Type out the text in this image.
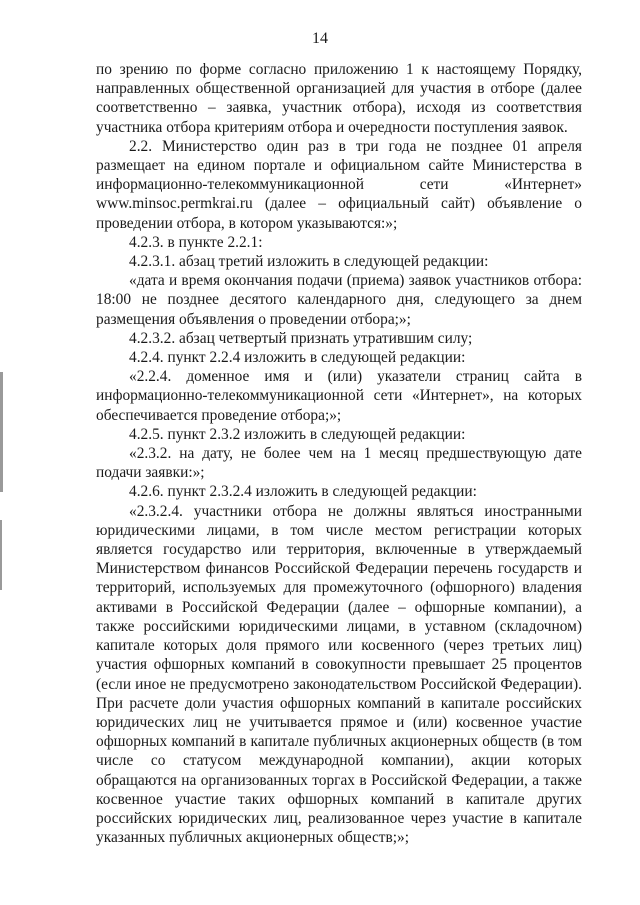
14

по зрению по форме согласно приложению 1 к настоящему Порядку, направленных общественной организацией для участия в отборе (далее соответственно – заявка, участник отбора), исходя из соответствия участника отбора критериям отбора и очередности поступления заявок.

2.2. Министерство один раз в три года не позднее 01 апреля размещает на едином портале и официальном сайте Министерства в информационно-телекоммуникационной сети «Интернет» www.minsoc.permkrai.ru (далее – официальный сайт) объявление о проведении отбора, в котором указываются:»;

4.2.3. в пункте 2.2.1:

4.2.3.1. абзац третий изложить в следующей редакции:

«дата и время окончания подачи (приема) заявок участников отбора: 18:00 не позднее десятого календарного дня, следующего за днем размещения объявления о проведении отбора;»;

4.2.3.2. абзац четвертый признать утратившим силу;

4.2.4. пункт 2.2.4 изложить в следующей редакции:

«2.2.4. доменное имя и (или) указатели страниц сайта в информационно-телекоммуникационной сети «Интернет», на которых обеспечивается проведение отбора;»;

4.2.5. пункт 2.3.2 изложить в следующей редакции:

«2.3.2. на дату, не более чем на 1 месяц предшествующую дате подачи заявки:»;

4.2.6. пункт 2.3.2.4 изложить в следующей редакции:

«2.3.2.4. участники отбора не должны являться иностранными юридическими лицами, в том числе местом регистрации которых является государство или территория, включенные в утверждаемый Министерством финансов Российской Федерации перечень государств и территорий, используемых для промежуточного (офшорного) владения активами в Российской Федерации (далее – офшорные компании), а также российскими юридическими лицами, в уставном (складочном) капитале которых доля прямого или косвенного (через третьих лиц) участия офшорных компаний в совокупности превышает 25 процентов (если иное не предусмотрено законодательством Российской Федерации). При расчете доли участия офшорных компаний в капитале российских юридических лиц не учитывается прямое и (или) косвенное участие офшорных компаний в капитале публичных акционерных обществ (в том числе со статусом международной компании), акции которых обращаются на организованных торгах в Российской Федерации, а также косвенное участие таких офшорных компаний в капитале других российских юридических лиц, реализованное через участие в капитале указанных публичных акционерных обществ;»;
